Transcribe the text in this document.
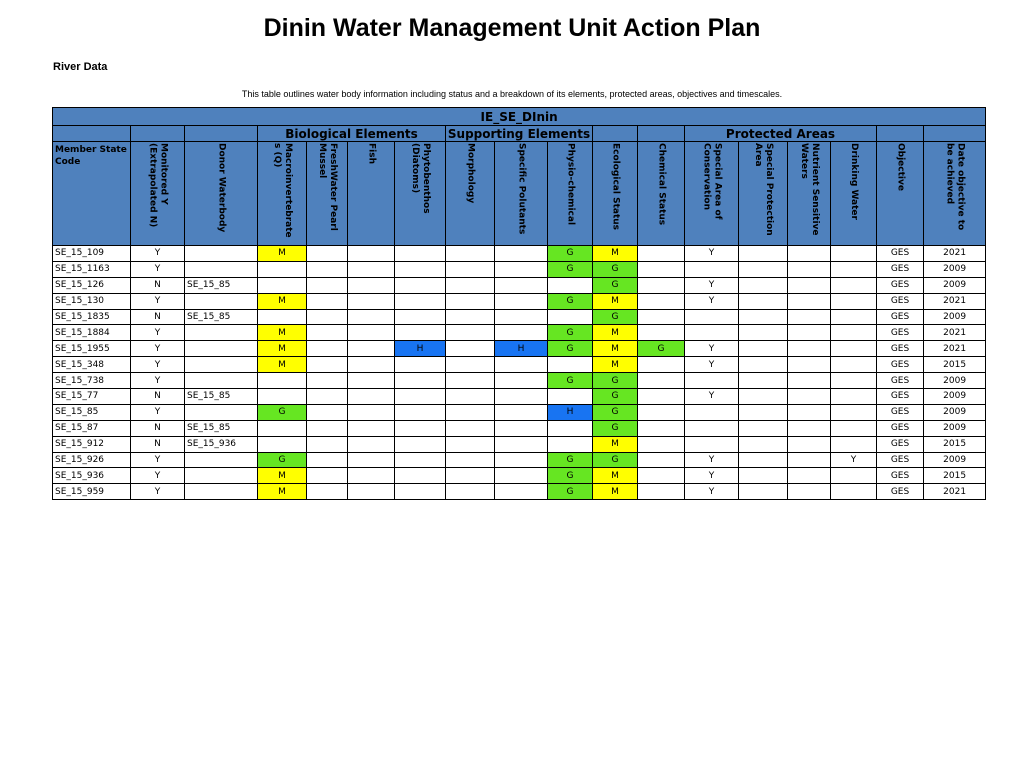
Dinin Water Management Unit Action Plan
River Data
This table outlines water body information including status and a breakdown of its elements, protected areas, objectives and timescales.
IE_SE_DInin																	
			Biological Elements				Supporting Elements					Protected Areas					
Member State Code	Monitored Y
(Extrapolated N)	Donor Waterbody	Macroinvertebrate
s (Q)	FreshWater Pearl
Mussel	Fish	Phytobenthos
(Diatoms)	Morphology	Specific Polutants	Physio-chemical	Ecological Status	Chemical Status	Special Area of
Conservation	Special Protection
Area	Nutrient Sensitive
Waters	Drinking Water	Objective	Date objective to
be achieved
SE_15_109	Y		M						G	M		Y				GES	2021
SE_15_1163	Y								G	G						GES	2009
SE_15_126	N	SE_15_85								G		Y				GES	2009
SE_15_130	Y		M						G	M		Y				GES	2021
SE_15_1835	N	SE_15_85								G						GES	2009
SE_15_1884	Y		M						G	M						GES	2021
SE_15_1955	Y		M			H		H	G	M	G	Y				GES	2021
SE_15_348	Y		M							M		Y				GES	2015
SE_15_738	Y								G	G						GES	2009
SE_15_77	N	SE_15_85								G		Y				GES	2009
SE_15_85	Y		G						H	G						GES	2009
SE_15_87	N	SE_15_85								G						GES	2009
SE_15_912	N	SE_15_936								M						GES	2015
SE_15_926	Y		G						G	G		Y			Y	GES	2009
SE_15_936	Y		M						G	M		Y				GES	2015
SE_15_959	Y		M						G	M		Y				GES	2021
